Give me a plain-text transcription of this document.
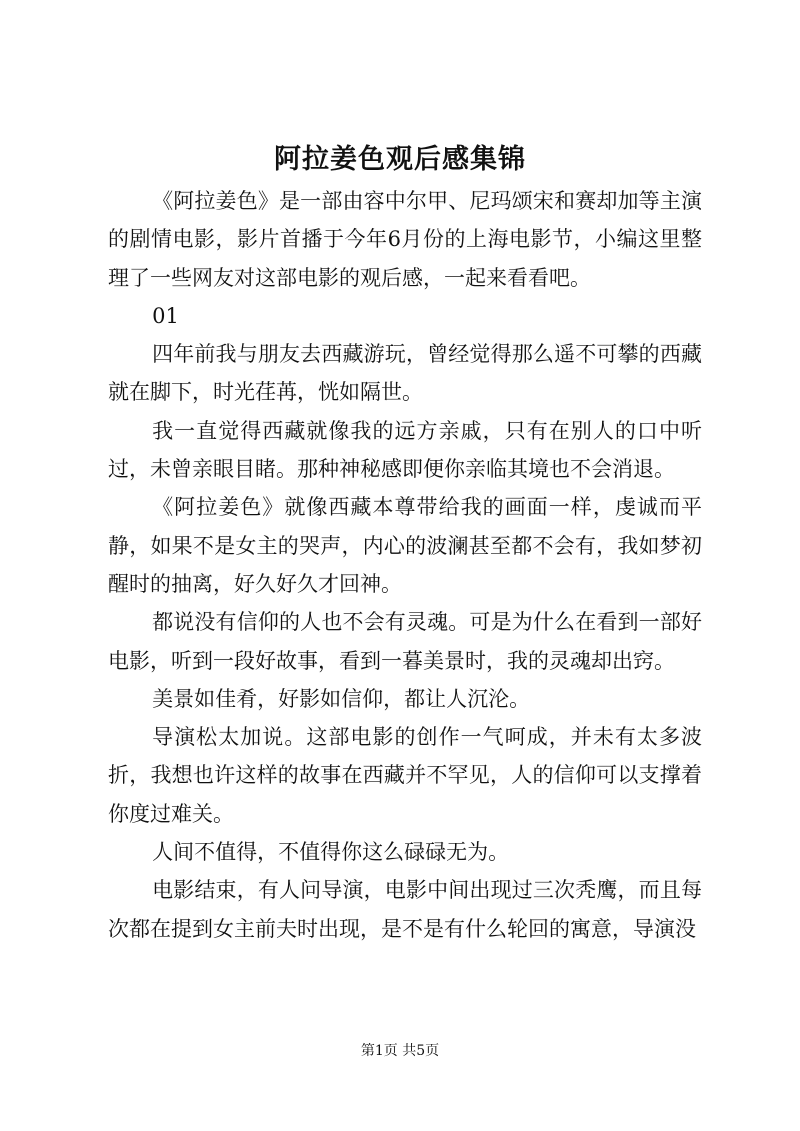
阿拉姜色观后感集锦

《阿拉姜色》是一部由容中尔甲、尼玛颂宋和赛却加等主演的剧情电影，影片首播于今年6月份的上海电影节，小编这里整理了一些网友对这部电影的观后感，一起来看看吧。

01

四年前我与朋友去西藏游玩，曾经觉得那么遥不可攀的西藏就在脚下，时光荏苒，恍如隔世。

我一直觉得西藏就像我的远方亲戚，只有在别人的口中听过，未曾亲眼目睹。那种神秘感即便你亲临其境也不会消退。

《阿拉姜色》就像西藏本尊带给我的画面一样，虔诚而平静，如果不是女主的哭声，内心的波澜甚至都不会有，我如梦初醒时的抽离，好久好久才回神。

都说没有信仰的人也不会有灵魂。可是为什么在看到一部好电影，听到一段好故事，看到一暮美景时，我的灵魂却出窍。

美景如佳肴，好影如信仰，都让人沉沦。

导演松太加说。这部电影的创作一气呵成，并未有太多波折，我想也许这样的故事在西藏并不罕见，人的信仰可以支撑着你度过难关。

人间不值得，不值得你这么碌碌无为。

电影结束，有人问导演，电影中间出现过三次秃鹰，而且每次都在提到女主前夫时出现，是不是有什么轮回的寓意，导演没

第1页 共5页
